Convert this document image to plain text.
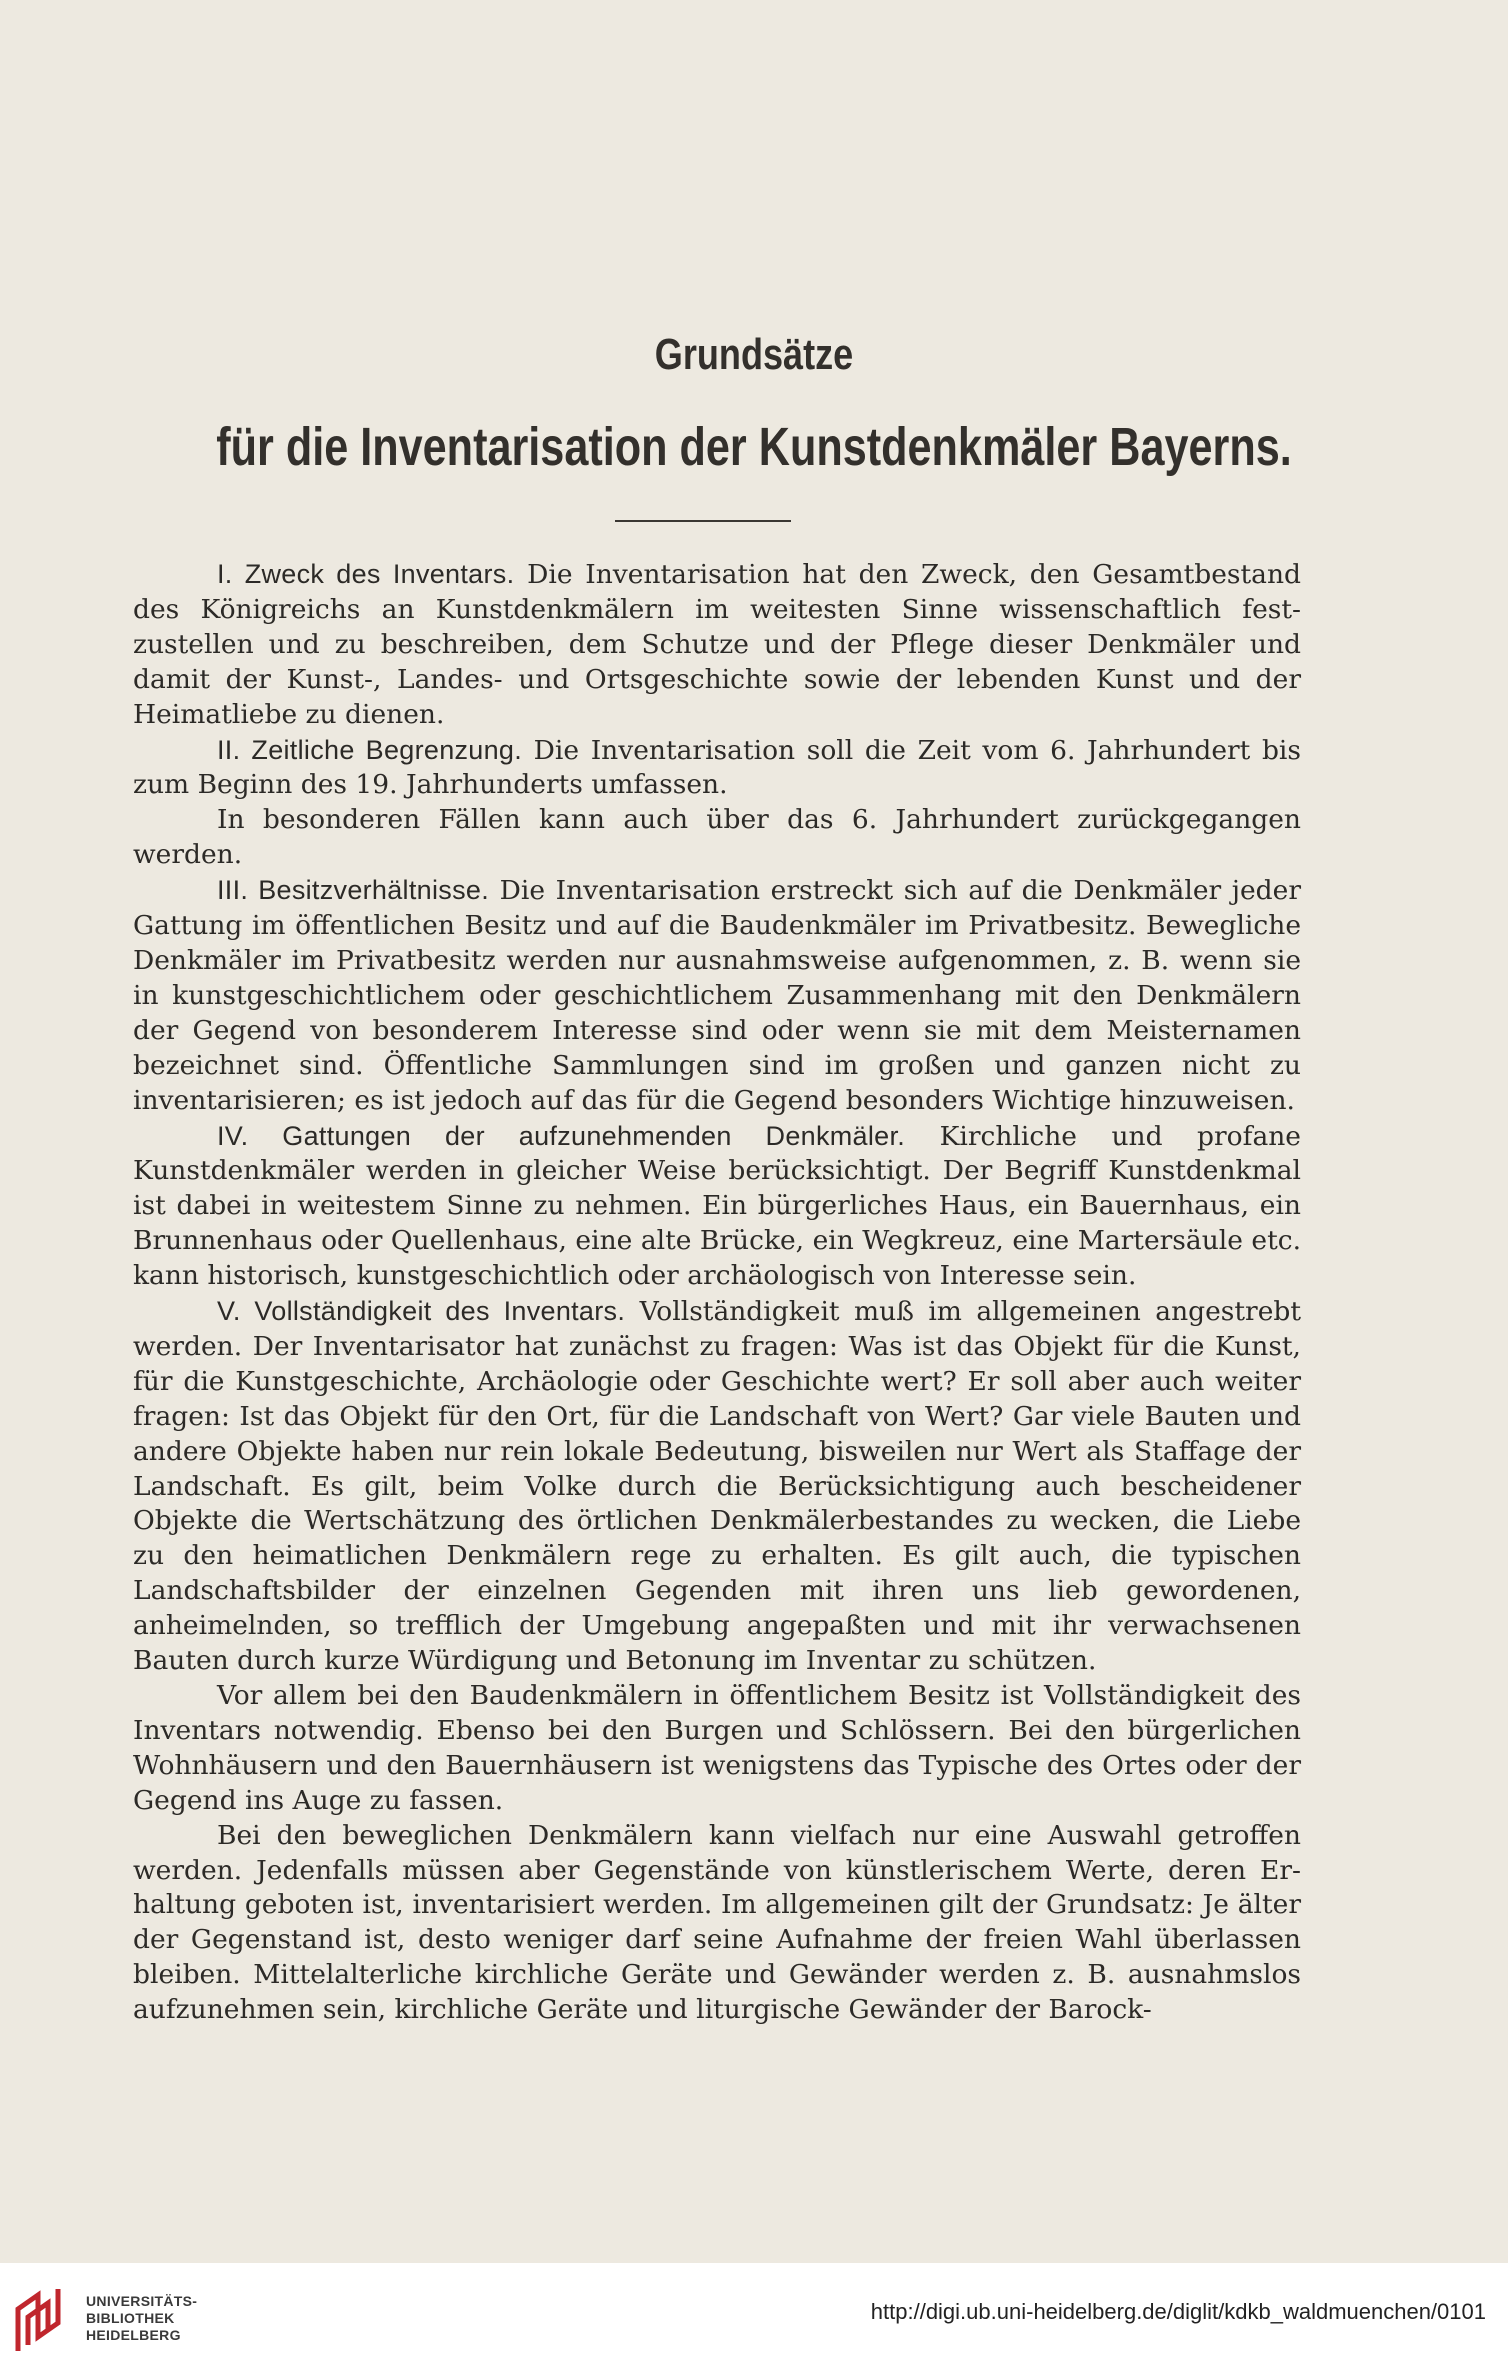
Grundsätze
für die Inventarisation der Kunstdenkmäler Bayerns.

I. Zweck des Inventars. Die Inventarisation hat den Zweck, den Gesamtbestand des Königreichs an Kunstdenkmälern im weitesten Sinne wissenschaftlich festzustellen und zu beschreiben, dem Schutze und der Pflege dieser Denkmäler und damit der Kunst-, Landes- und Ortsgeschichte sowie der lebenden Kunst und der Heimatliebe zu dienen.

II. Zeitliche Begrenzung. Die Inventarisation soll die Zeit vom 6. Jahrhundert bis zum Beginn des 19. Jahrhunderts umfassen.

In besonderen Fällen kann auch über das 6. Jahrhundert zurückgegangen werden.

III. Besitzverhältnisse. Die Inventarisation erstreckt sich auf die Denkmäler jeder Gattung im öffentlichen Besitz und auf die Baudenkmäler im Privatbesitz. Bewegliche Denkmäler im Privatbesitz werden nur ausnahmsweise aufgenommen, z. B. wenn sie in kunstgeschichtlichem oder geschichtlichem Zusammenhang mit den Denkmälern der Gegend von besonderem Interesse sind oder wenn sie mit dem Meisternamen bezeichnet sind. Öffentliche Sammlungen sind im großen und ganzen nicht zu inventarisieren; es ist jedoch auf das für die Gegend besonders Wichtige hinzuweisen.

IV. Gattungen der aufzunehmenden Denkmäler. Kirchliche und profane Kunstdenkmäler werden in gleicher Weise berücksichtigt. Der Begriff Kunstdenkmal ist dabei in weitestem Sinne zu nehmen. Ein bürgerliches Haus, ein Bauernhaus, ein Brunnenhaus oder Quellenhaus, eine alte Brücke, ein Wegkreuz, eine Martersäule etc. kann historisch, kunstgeschichtlich oder archäologisch von Interesse sein.

V. Vollständigkeit des Inventars. Vollständigkeit muß im allgemeinen angestrebt werden. Der Inventarisator hat zunächst zu fragen: Was ist das Objekt für die Kunst, für die Kunstgeschichte, Archäologie oder Geschichte wert? Er soll aber auch weiter fragen: Ist das Objekt für den Ort, für die Landschaft von Wert? Gar viele Bauten und andere Objekte haben nur rein lokale Bedeutung, bisweilen nur Wert als Staffage der Landschaft. Es gilt, beim Volke durch die Berücksichtigung auch bescheidener Objekte die Wertschätzung des örtlichen Denkmälerbestandes zu wecken, die Liebe zu den heimatlichen Denkmälern rege zu erhalten. Es gilt auch, die typischen Landschaftsbilder der einzelnen Gegenden mit ihren uns lieb gewordenen, anheimelnden, so trefflich der Umgebung angepaßten und mit ihr verwachsenen Bauten durch kurze Würdigung und Betonung im Inventar zu schützen.

Vor allem bei den Baudenkmälern in öffentlichem Besitz ist Vollständigkeit des Inventars notwendig. Ebenso bei den Burgen und Schlössern. Bei den bürgerlichen Wohnhäusern und den Bauernhäusern ist wenigstens das Typische des Ortes oder der Gegend ins Auge zu fassen.

Bei den beweglichen Denkmälern kann vielfach nur eine Auswahl getroffen werden. Jedenfalls müssen aber Gegenstände von künstlerischem Werte, deren Erhaltung geboten ist, inventarisiert werden. Im allgemeinen gilt der Grundsatz: Je älter der Gegenstand ist, desto weniger darf seine Aufnahme der freien Wahl überlassen bleiben. Mittelalterliche kirchliche Geräte und Gewänder werden z. B. ausnahmslos aufzunehmen sein, kirchliche Geräte und liturgische Gewänder der Barock-

UNIVERSITÄTS-
BIBLIOTHEK
HEIDELBERG
http://digi.ub.uni-heidelberg.de/diglit/kdkb_waldmuenchen/0101
